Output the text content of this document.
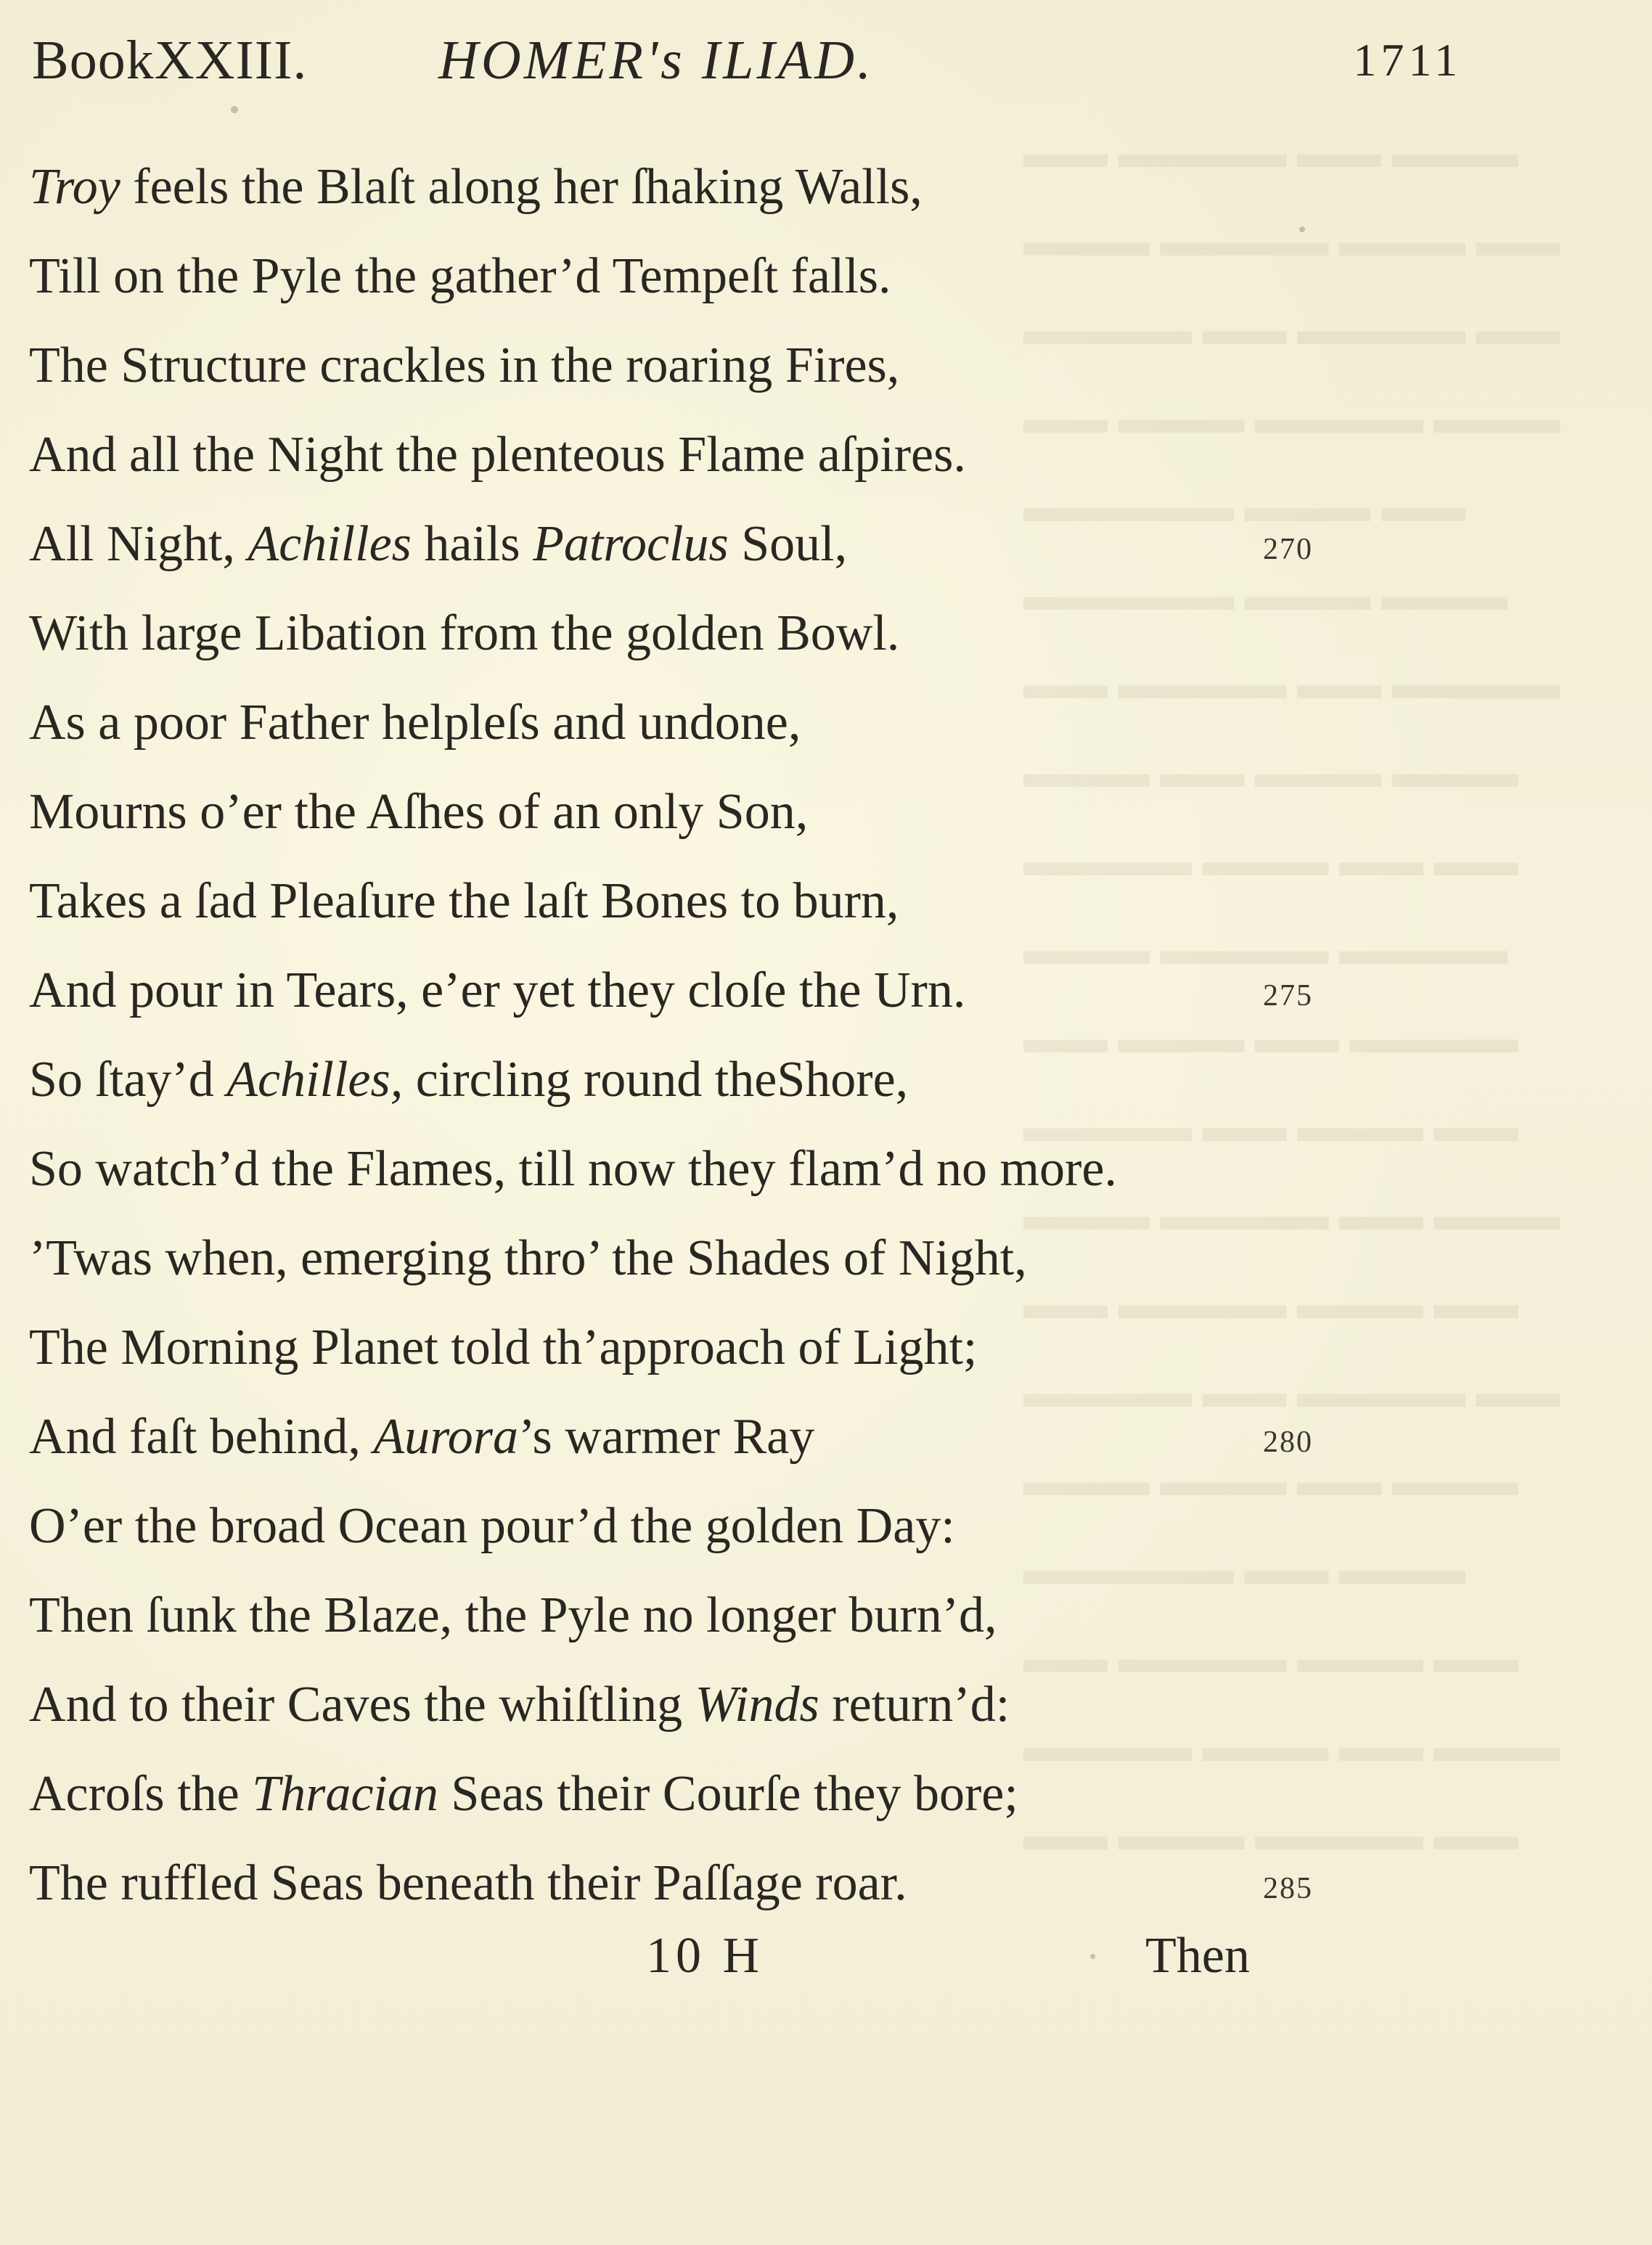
▬▬ ▬▬▬▬ ▬▬ ▬▬▬
▬▬▬ ▬▬▬▬ ▬▬▬ ▬▬
▬▬▬▬ ▬▬ ▬▬▬▬ ▬▬
▬▬ ▬▬▬ ▬▬▬▬ ▬▬▬
▬▬▬▬▬ ▬▬▬ ▬▬
▬▬▬▬▬ ▬▬▬ ▬▬▬
▬▬ ▬▬▬▬ ▬▬ ▬▬▬▬
▬▬▬ ▬▬ ▬▬▬ ▬▬▬
▬▬▬▬ ▬▬▬ ▬▬ ▬▬
▬▬▬ ▬▬▬▬ ▬▬▬▬
▬▬ ▬▬▬ ▬▬ ▬▬▬▬
▬▬▬▬ ▬▬ ▬▬▬ ▬▬
▬▬▬ ▬▬▬▬ ▬▬ ▬▬▬
▬▬ ▬▬▬▬ ▬▬▬ ▬▬
▬▬▬▬ ▬▬ ▬▬▬▬ ▬▬
▬▬▬ ▬▬▬ ▬▬ ▬▬▬
▬▬▬▬▬ ▬▬ ▬▬▬
▬▬ ▬▬▬▬ ▬▬▬ ▬▬
▬▬▬▬ ▬▬▬ ▬▬ ▬▬▬
▬▬ ▬▬▬ ▬▬▬▬ ▬▬
BookXXIII. HOMER's ILIAD.	1711
Troy feels the Blaſt along her ſhaking Walls,
Till on the Pyle the gather’d Tempeſt falls.
The Structure crackles in the roaring Fires,
And all the Night the plenteous Flame aſpires.
All Night, Achilles hails Patroclus Soul,	270
With large Libation from the golden Bowl.
As a poor Father helpleſs and undone,
Mourns o’er the Aſhes of an only Son,
Takes a ſad Pleaſure the laſt Bones to burn,
And pour in Tears, e’er yet they cloſe the Urn.	275
So ſtay’d Achilles, circling round theShore,
So watch’d the Flames, till now they flam’d no more.
’Twas when, emerging thro’ the Shades of Night,
The Morning Planet told th’approach of Light;
And faſt behind, Aurora’s warmer Ray	280
O’er the broad Ocean pour’d the golden Day:
Then ſunk the Blaze, the Pyle no longer burn’d,
And to their Caves the whiſtling Winds return’d:
Acroſs the Thracian Seas their Courſe they bore;
The ruffled Seas beneath their Paſſage roar.	285
10 H	Then
